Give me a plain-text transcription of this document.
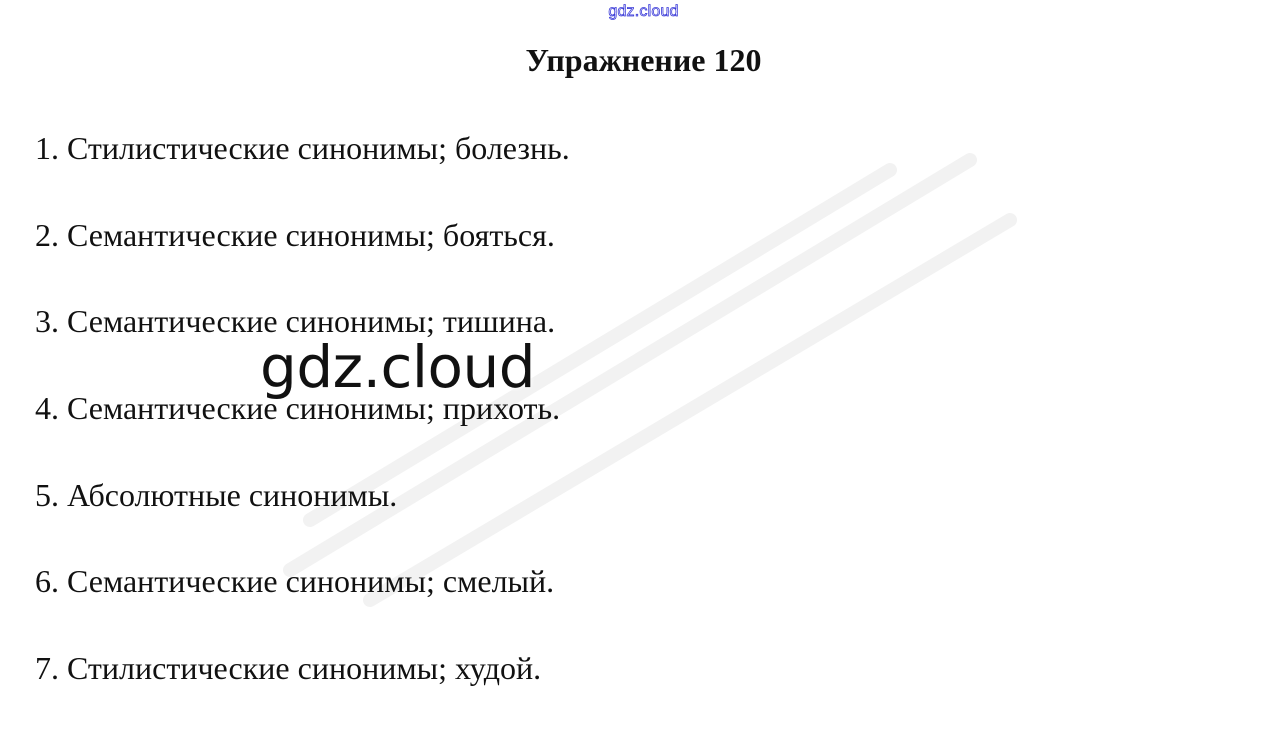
gdz.cloud
Упражнение 120
1. Стилистические синонимы; болезнь.
2. Семантические синонимы; бояться.
3. Семантические синонимы; тишина.
4. Семантические синонимы; прихоть.
5. Абсолютные синонимы.
6. Семантические синонимы; смелый.
7. Стилистические синонимы; худой.
gdz.cloud
